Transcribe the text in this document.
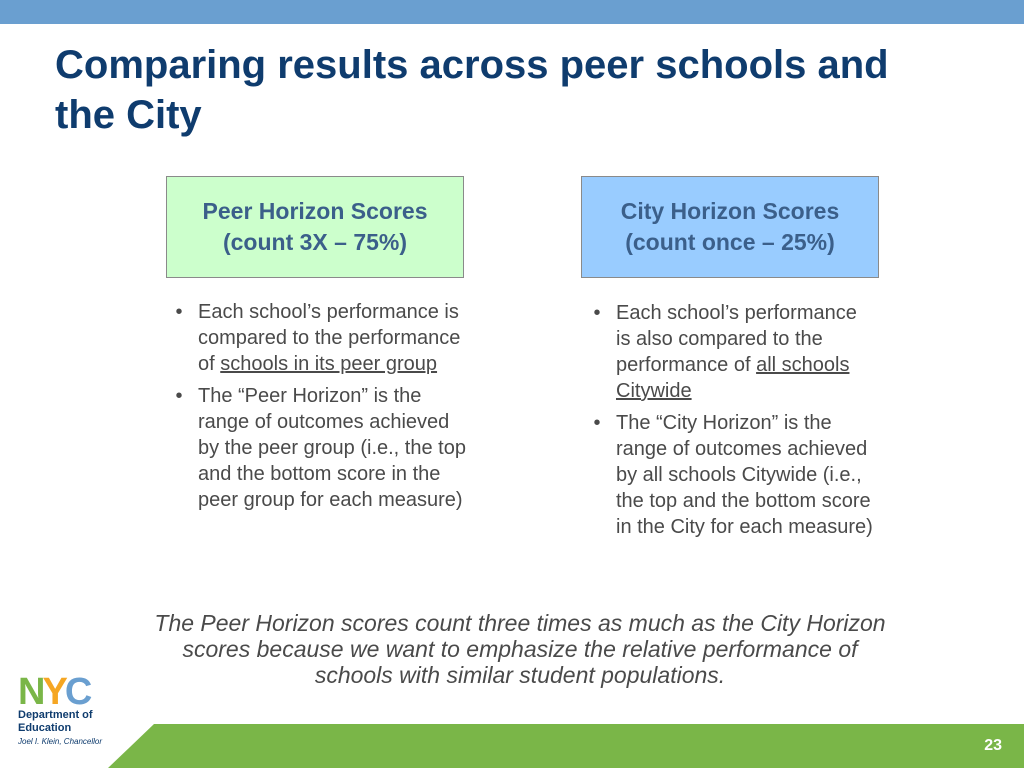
Comparing results across peer schools and the City
Peer Horizon Scores
(count 3X – 75%)
City Horizon Scores
(count once – 25%)
• Each school’s performance is compared to the performance of schools in its peer group
• The “Peer Horizon” is the range of outcomes achieved by the peer group (i.e., the top and the bottom score in the peer group for each measure)
• Each school’s performance is also compared to the performance of all schools Citywide
• The “City Horizon” is the range of outcomes achieved by all schools Citywide (i.e., the top and the bottom score in the City for each measure)

The Peer Horizon scores count three times as much as the City Horizon scores because we want to emphasize the relative performance of schools with similar student populations.

NYC
Department of
Education
Joel I. Klein, Chancellor	23
